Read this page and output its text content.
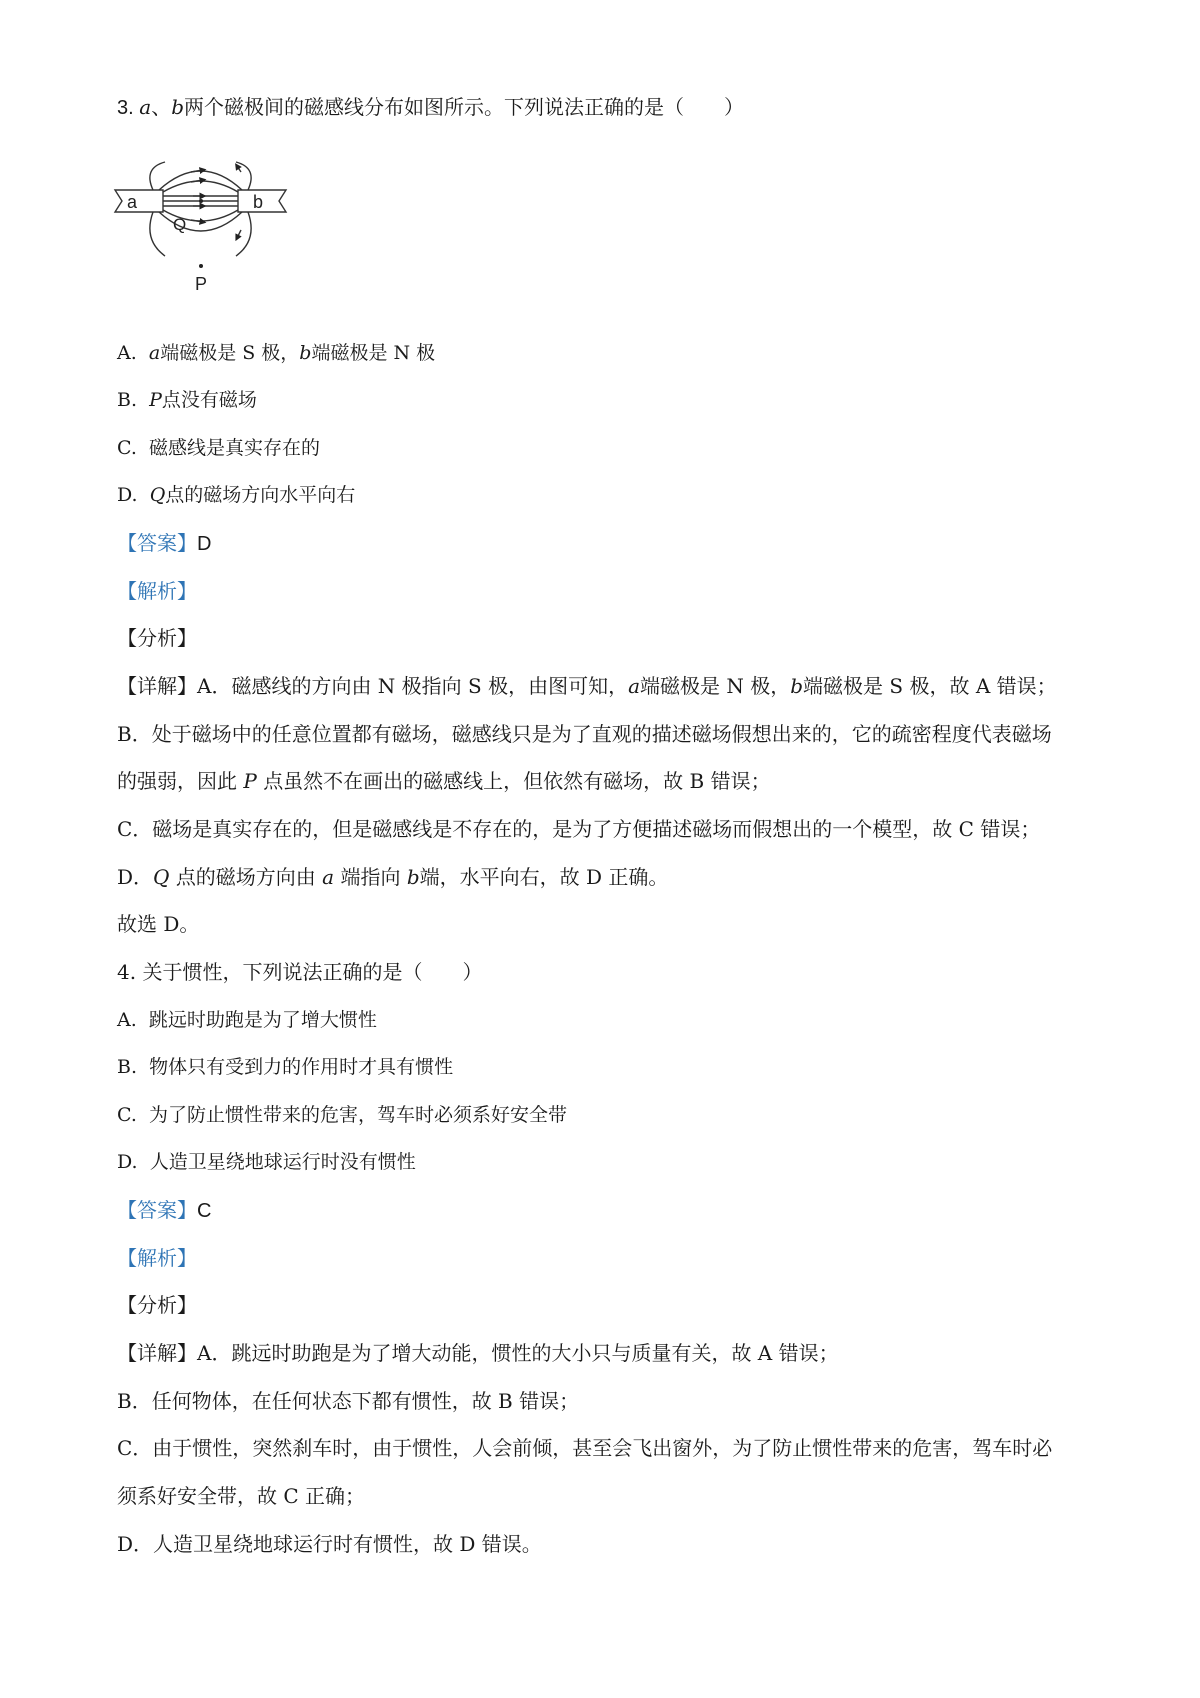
3. a、b两个磁极间的磁感线分布如图所示。下列说法正确的是（　　）
a	b
Q
P
A. a端磁极是 S 极，b端磁极是 N 极
B. P点没有磁场
C. 磁感线是真实存在的
D. Q点的磁场方向水平向右
【答案】D
【解析】
【分析】
【详解】A．磁感线的方向由 N 极指向 S 极，由图可知，a端磁极是 N 极，b端磁极是 S 极，故 A 错误；
B．处于磁场中的任意位置都有磁场，磁感线只是为了直观的描述磁场假想出来的，它的疏密程度代表磁场
的强弱，因此 P 点虽然不在画出的磁感线上，但依然有磁场，故 B 错误；
C．磁场是真实存在的，但是磁感线是不存在的，是为了方便描述磁场而假想出的一个模型，故 C 错误；
D．Q 点的磁场方向由 a 端指向 b端，水平向右，故 D 正确。
故选 D。
4. 关于惯性，下列说法正确的是（　　）
A. 跳远时助跑是为了增大惯性
B. 物体只有受到力的作用时才具有惯性
C. 为了防止惯性带来的危害，驾车时必须系好安全带
D. 人造卫星绕地球运行时没有惯性
【答案】C
【解析】
【分析】
【详解】A．跳远时助跑是为了增大动能，惯性的大小只与质量有关，故 A 错误；
B．任何物体，在任何状态下都有惯性，故 B 错误；
C．由于惯性，突然刹车时，由于惯性，人会前倾，甚至会飞出窗外，为了防止惯性带来的危害，驾车时必
须系好安全带，故 C 正确；
D．人造卫星绕地球运行时有惯性，故 D 错误。
